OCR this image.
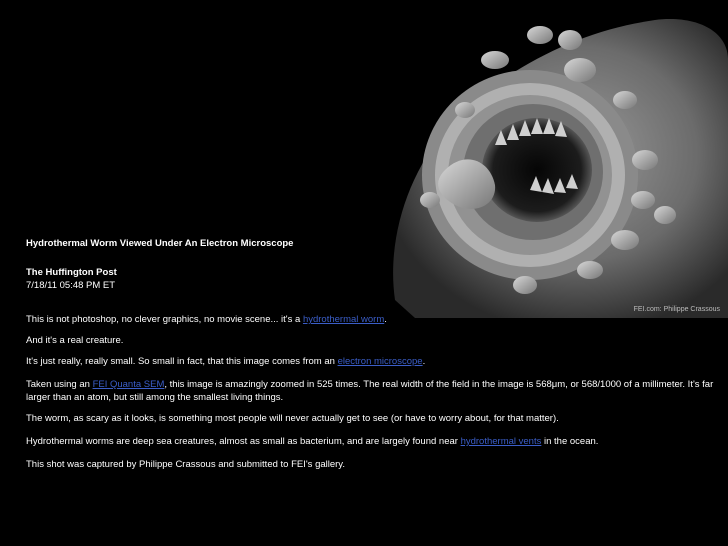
FEI.com: Philippe Crassous

Hydrothermal Worm Viewed Under An Electron Microscope

The Huffington Post

7/18/11 05:48 PM ET

This is not photoshop, no clever graphics, no movie scene... it's a hydrothermal worm.

And it's a real creature.

It's just really, really small. So small in fact, that this image comes from an electron microscope.

Taken using an FEI Quanta SEM, this image is amazingly zoomed in 525 times. The real width of the field in the image is 568μm, or 568/1000 of a millimeter. It's far larger than an atom, but still among the smallest living things.

The worm, as scary as it looks, is something most people will never actually get to see (or have to worry about, for that matter).

Hydrothermal worms are deep sea creatures, almost as small as bacterium, and are largely found near hydrothermal vents in the ocean.

This shot was captured by Philippe Crassous and submitted to FEI's gallery.
